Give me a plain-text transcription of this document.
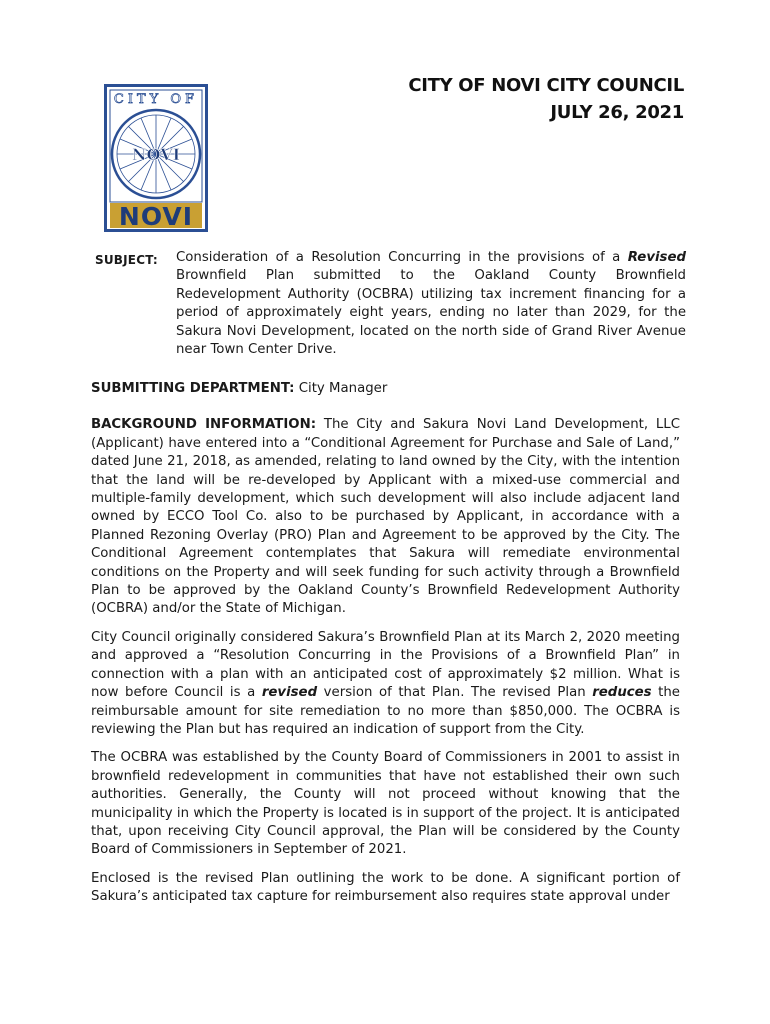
CITY OF
NOVI
NOVI
CITY OF NOVI CITY COUNCIL
JULY 26, 2021
SUBJECT: Consideration of a Resolution Concurring in the provisions of a Revised Brownfield Plan submitted to the Oakland County Brownfield Redevelopment Authority (OCBRA) utilizing tax increment financing for a period of approximately eight years, ending no later than 2029, for the Sakura Novi Development, located on the north side of Grand River Avenue near Town Center Drive.

SUBMITTING DEPARTMENT: City Manager

BACKGROUND INFORMATION: The City and Sakura Novi Land Development, LLC (Applicant) have entered into a “Conditional Agreement for Purchase and Sale of Land,” dated June 21, 2018, as amended, relating to land owned by the City, with the intention that the land will be re-developed by Applicant with a mixed-use commercial and multiple-family development, which such development will also include adjacent land owned by ECCO Tool Co. also to be purchased by Applicant, in accordance with a Planned Rezoning Overlay (PRO) Plan and Agreement to be approved by the City. The Conditional Agreement contemplates that Sakura will remediate environmental conditions on the Property and will seek funding for such activity through a Brownfield Plan to be approved by the Oakland County’s Brownfield Redevelopment Authority (OCBRA) and/or the State of Michigan.

City Council originally considered Sakura’s Brownfield Plan at its March 2, 2020 meeting and approved a “Resolution Concurring in the Provisions of a Brownfield Plan” in connection with a plan with an anticipated cost of approximately $2 million. What is now before Council is a revised version of that Plan. The revised Plan reduces the reimbursable amount for site remediation to no more than $850,000. The OCBRA is reviewing the Plan but has required an indication of support from the City.

The OCBRA was established by the County Board of Commissioners in 2001 to assist in brownfield redevelopment in communities that have not established their own such authorities. Generally, the County will not proceed without knowing that the municipality in which the Property is located is in support of the project. It is anticipated that, upon receiving City Council approval, the Plan will be considered by the County Board of Commissioners in September of 2021.

Enclosed is the revised Plan outlining the work to be done. A significant portion of Sakura’s anticipated tax capture for reimbursement also requires state approval under
